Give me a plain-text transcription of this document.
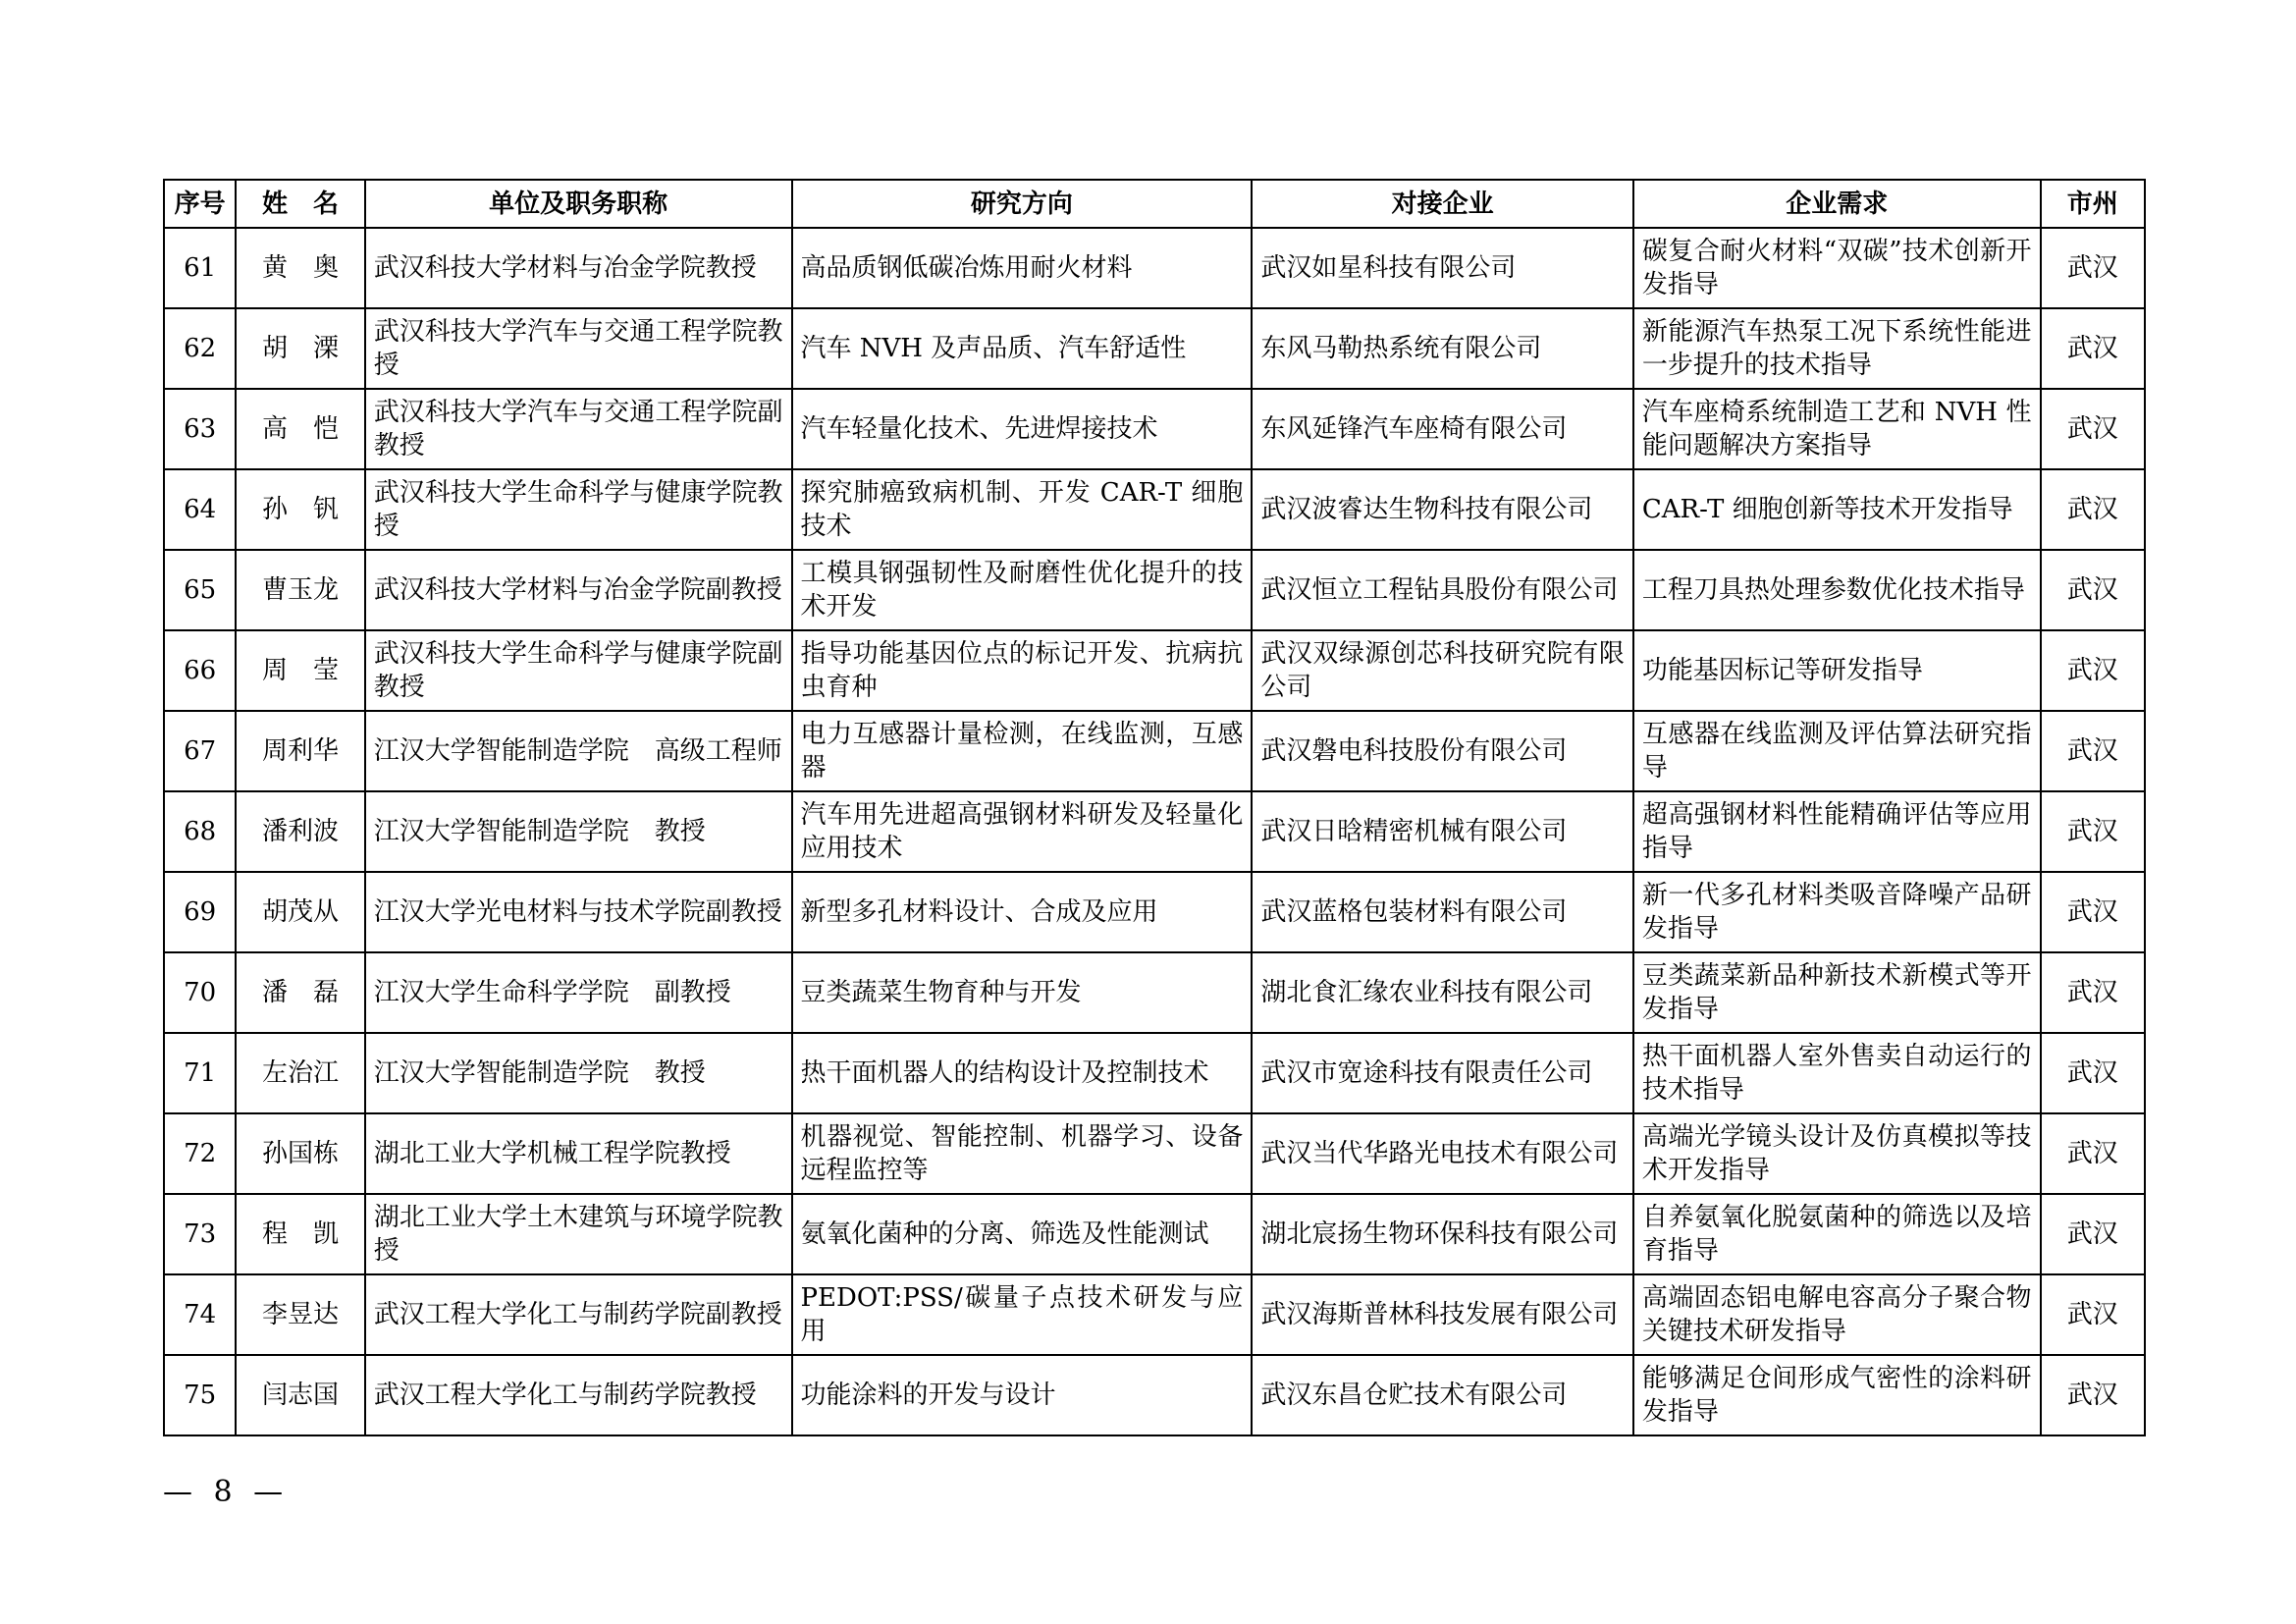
序号	姓　名	单位及职务职称	研究方向	对接企业	企业需求	市州
61	黄　奥	武汉科技大学材料与冶金学院教授	高品质钢低碳冶炼用耐火材料	武汉如星科技有限公司	碳复合耐火材料“双碳”技术创新开发指导	武汉
62	胡　溧	武汉科技大学汽车与交通工程学院教授	汽车 NVH 及声品质、汽车舒适性	东风马勒热系统有限公司	新能源汽车热泵工况下系统性能进一步提升的技术指导	武汉
63	高　恺	武汉科技大学汽车与交通工程学院副教授	汽车轻量化技术、先进焊接技术	东风延锋汽车座椅有限公司	汽车座椅系统制造工艺和 NVH 性能问题解决方案指导	武汉
64	孙　钒	武汉科技大学生命科学与健康学院教授	探究肺癌致病机制、开发 CAR-T 细胞技术	武汉波睿达生物科技有限公司	CAR-T 细胞创新等技术开发指导	武汉
65	曹玉龙	武汉科技大学材料与冶金学院副教授	工模具钢强韧性及耐磨性优化提升的技术开发	武汉恒立工程钻具股份有限公司	工程刀具热处理参数优化技术指导	武汉
66	周　莹	武汉科技大学生命科学与健康学院副教授	指导功能基因位点的标记开发、抗病抗虫育种	武汉双绿源创芯科技研究院有限公司	功能基因标记等研发指导	武汉
67	周利华	江汉大学智能制造学院　高级工程师	电力互感器计量检测，在线监测，互感器	武汉磐电科技股份有限公司	互感器在线监测及评估算法研究指导	武汉
68	潘利波	江汉大学智能制造学院　教授	汽车用先进超高强钢材料研发及轻量化应用技术	武汉日晗精密机械有限公司	超高强钢材料性能精确评估等应用指导	武汉
69	胡茂从	江汉大学光电材料与技术学院副教授	新型多孔材料设计、合成及应用	武汉蓝格包装材料有限公司	新一代多孔材料类吸音降噪产品研发指导	武汉
70	潘　磊	江汉大学生命科学学院　副教授	豆类蔬菜生物育种与开发	湖北食汇缘农业科技有限公司	豆类蔬菜新品种新技术新模式等开发指导	武汉
71	左治江	江汉大学智能制造学院　教授	热干面机器人的结构设计及控制技术	武汉市宽途科技有限责任公司	热干面机器人室外售卖自动运行的技术指导	武汉
72	孙国栋	湖北工业大学机械工程学院教授	机器视觉、智能控制、机器学习、设备远程监控等	武汉当代华路光电技术有限公司	高端光学镜头设计及仿真模拟等技术开发指导	武汉
73	程　凯	湖北工业大学土木建筑与环境学院教授	氨氧化菌种的分离、筛选及性能测试	湖北宸扬生物环保科技有限公司	自养氨氧化脱氨菌种的筛选以及培育指导	武汉
74	李昱达	武汉工程大学化工与制药学院副教授	PEDOT:PSS/碳量子点技术研发与应用	武汉海斯普林科技发展有限公司	高端固态铝电解电容高分子聚合物关键技术研发指导	武汉
75	闫志国	武汉工程大学化工与制药学院教授	功能涂料的开发与设计	武汉东昌仓贮技术有限公司	能够满足仓间形成气密性的涂料研发指导	武汉
— 8 —
